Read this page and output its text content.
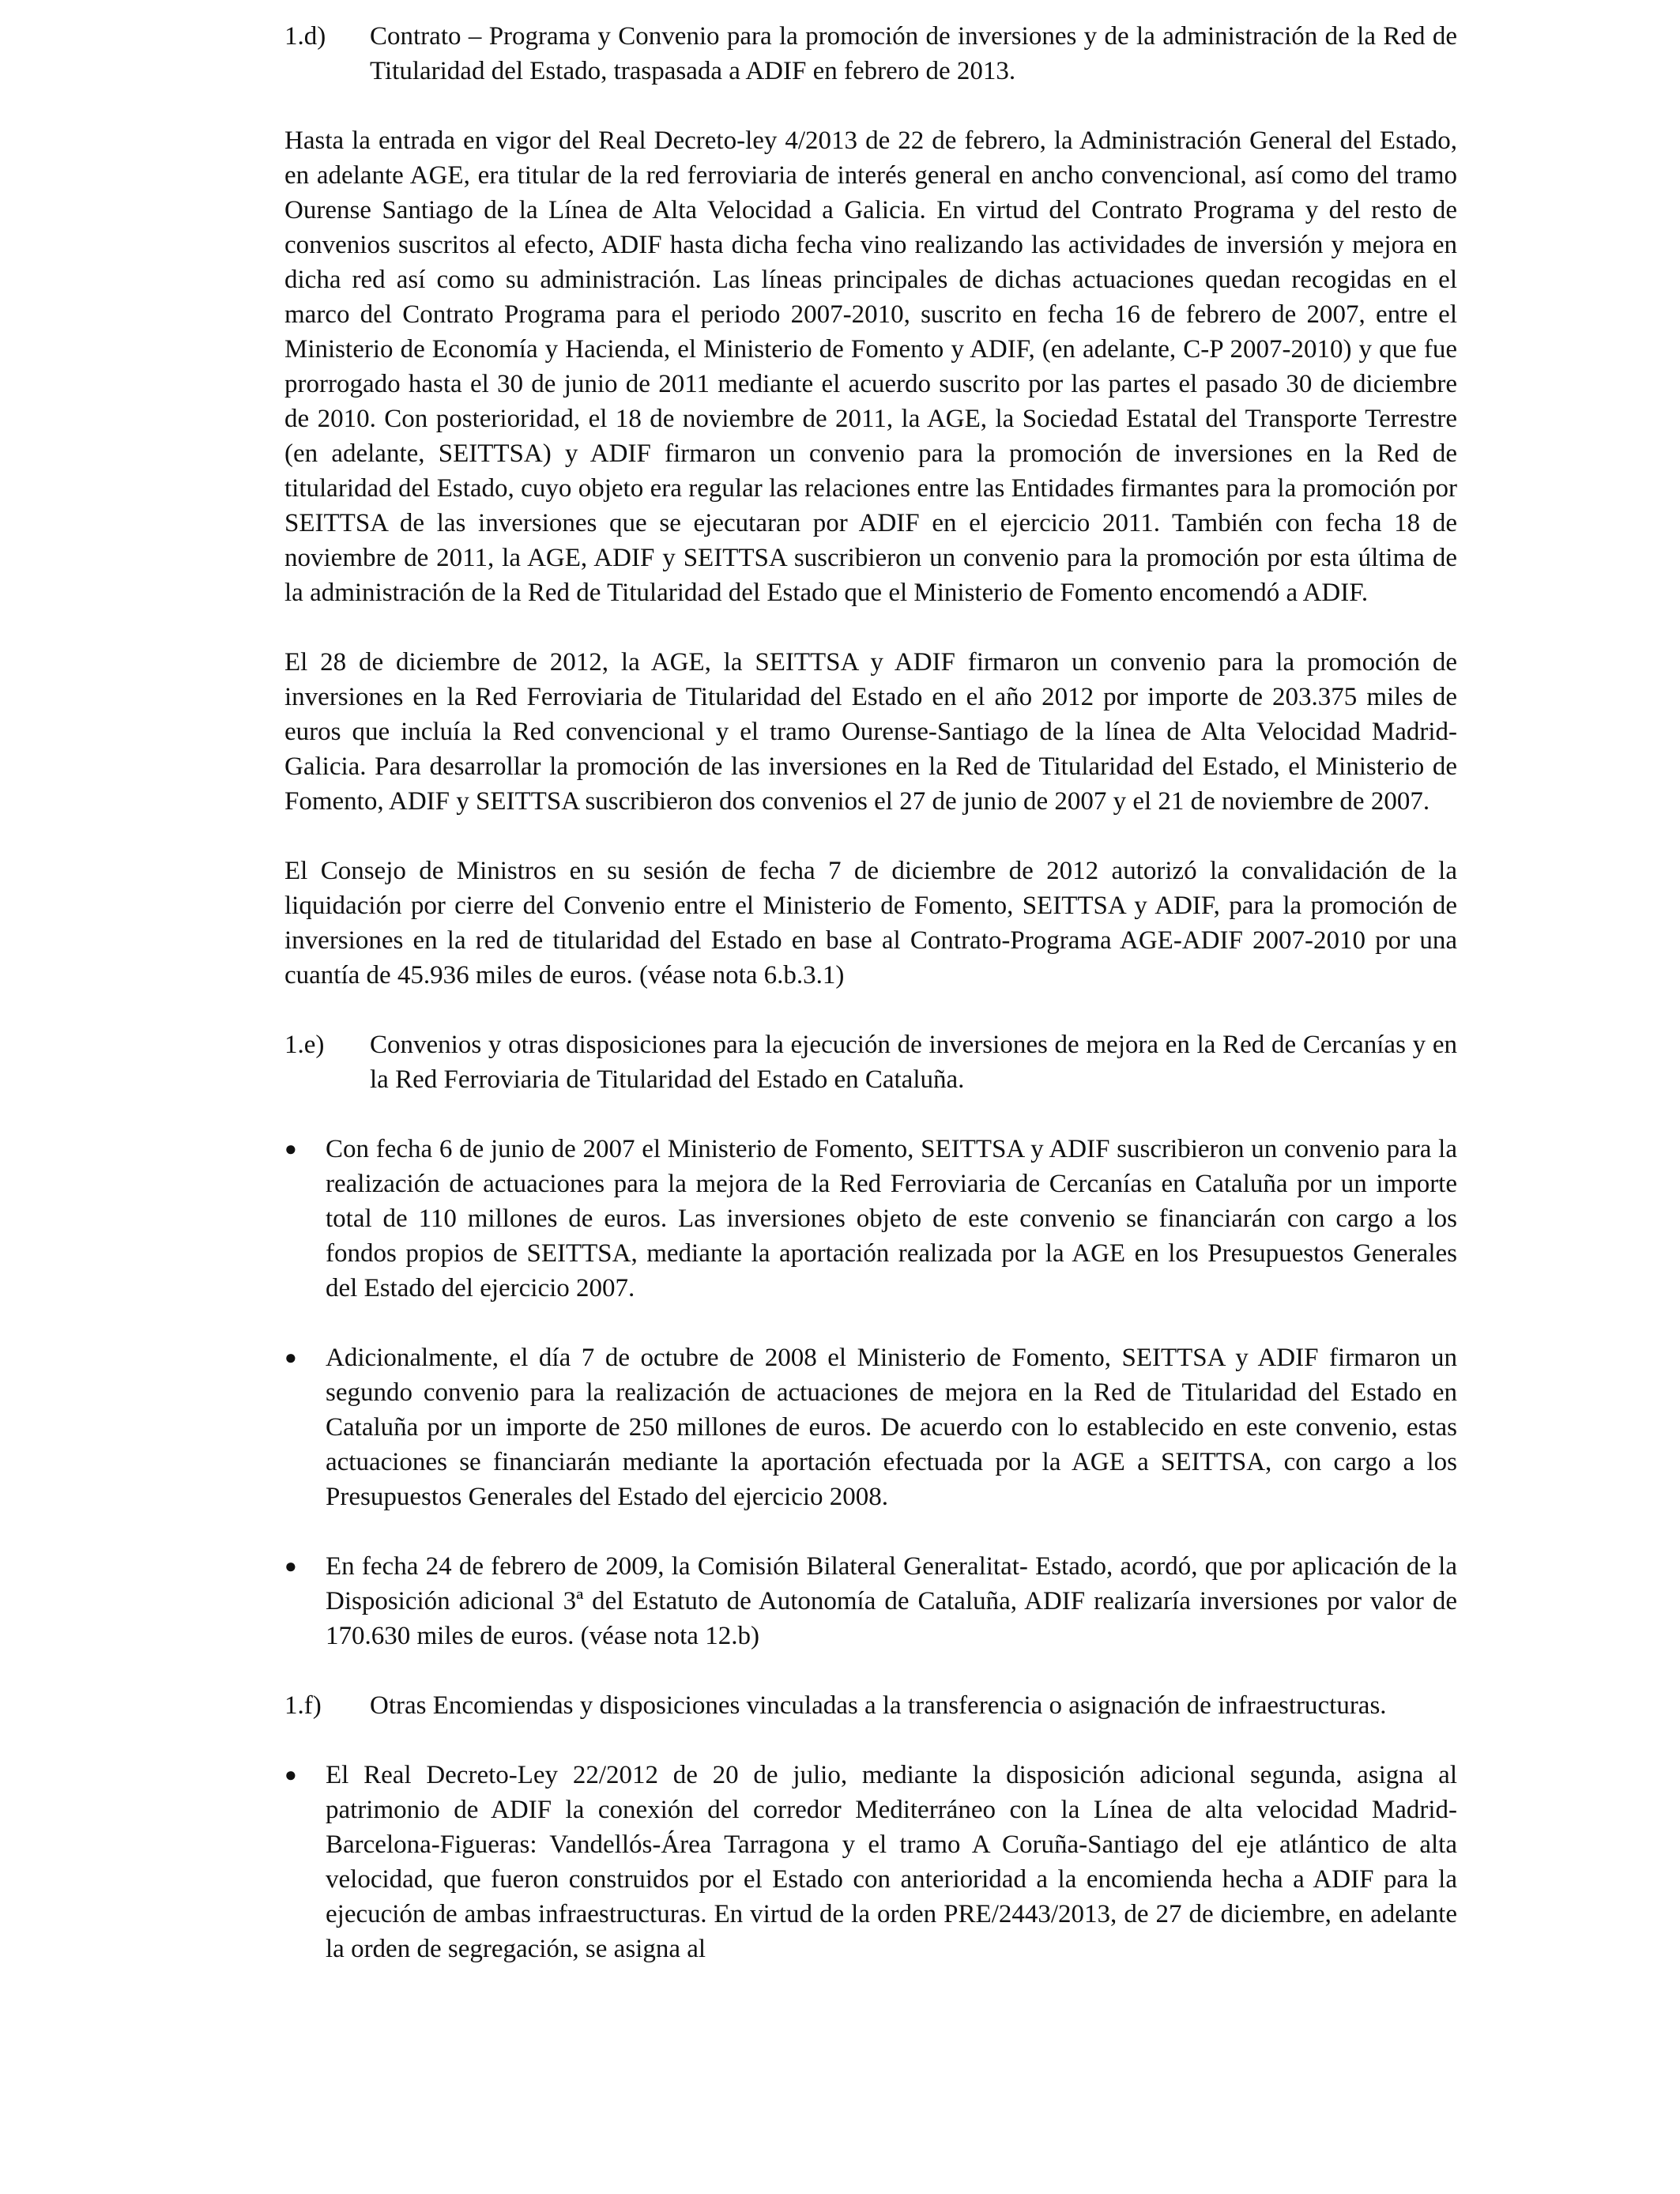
1.d)	Contrato – Programa y Convenio para la promoción de inversiones y de la administración de la Red de Titularidad del Estado, traspasada a ADIF en febrero de 2013.

Hasta la entrada en vigor del Real Decreto-ley 4/2013 de 22 de febrero, la Administración General del Estado, en adelante AGE, era titular de la red ferroviaria de interés general en ancho convencional, así como del tramo Ourense Santiago de la Línea de Alta Velocidad a Galicia. En virtud del Contrato Programa y del resto de convenios suscritos al efecto, ADIF hasta dicha fecha vino realizando las actividades de inversión y mejora en dicha red así como su administración. Las líneas principales de dichas actuaciones quedan recogidas en el marco del Contrato Programa para el periodo 2007-2010, suscrito en fecha 16 de febrero de 2007, entre el Ministerio de Economía y Hacienda, el Ministerio de Fomento y ADIF, (en adelante, C-P 2007-2010) y que fue prorrogado hasta el 30 de junio de 2011 mediante el acuerdo suscrito por las partes el pasado 30 de diciembre de 2010. Con posterioridad, el 18 de noviembre de 2011, la AGE, la Sociedad Estatal del Transporte Terrestre (en adelante, SEITTSA) y ADIF firmaron un convenio para la promoción de inversiones en la Red de titularidad del Estado, cuyo objeto era regular las relaciones entre las Entidades firmantes para la promoción por SEITTSA de las inversiones que se ejecutaran por ADIF en el ejercicio 2011. También con fecha 18 de noviembre de 2011, la AGE, ADIF y SEITTSA suscribieron un convenio para la promoción por esta última de la administración de la Red de Titularidad del Estado que el Ministerio de Fomento encomendó a ADIF.

El 28 de diciembre de 2012, la AGE, la SEITTSA y ADIF firmaron un convenio para la promoción de inversiones en la Red Ferroviaria de Titularidad del Estado en el año 2012 por importe de 203.375 miles de euros que incluía la Red convencional y el tramo Ourense-Santiago de la línea de Alta Velocidad Madrid-Galicia. Para desarrollar la promoción de las inversiones en la Red de Titularidad del Estado, el Ministerio de Fomento, ADIF y SEITTSA suscribieron dos convenios el 27 de junio de 2007 y el 21 de noviembre de 2007.

El Consejo de Ministros en su sesión de fecha 7 de diciembre de 2012 autorizó la convalidación de la liquidación por cierre del Convenio entre el Ministerio de Fomento, SEITTSA y ADIF, para la promoción de inversiones en la red de titularidad del Estado en base al Contrato-Programa AGE-ADIF 2007-2010 por una cuantía de 45.936 miles de euros. (véase nota 6.b.3.1)

1.e)	Convenios y otras disposiciones para la ejecución de inversiones de mejora en la Red de Cercanías y en la Red Ferroviaria de Titularidad del Estado en Cataluña.
●	Con fecha 6 de junio de 2007 el Ministerio de Fomento, SEITTSA y ADIF suscribieron un convenio para la realización de actuaciones para la mejora de la Red Ferroviaria de Cercanías en Cataluña por un importe total de 110 millones de euros. Las inversiones objeto de este convenio se financiarán con cargo a los fondos propios de SEITTSA, mediante la aportación realizada por la AGE en los Presupuestos Generales del Estado del ejercicio 2007.
●	Adicionalmente, el día 7 de octubre de 2008 el Ministerio de Fomento, SEITTSA y ADIF firmaron un segundo convenio para la realización de actuaciones de mejora en la Red de Titularidad del Estado en Cataluña por un importe de 250 millones de euros. De acuerdo con lo establecido en este convenio, estas actuaciones se financiarán mediante la aportación efectuada por la AGE a SEITTSA, con cargo a los Presupuestos Generales del Estado del ejercicio 2008.
●	En fecha 24 de febrero de 2009, la Comisión Bilateral Generalitat- Estado, acordó, que por aplicación de la Disposición adicional 3ª del Estatuto de Autonomía de Cataluña, ADIF realizaría inversiones por valor de 170.630 miles de euros. (véase nota 12.b)
1.f)	Otras Encomiendas y disposiciones vinculadas a la transferencia o asignación de infraestructuras.
●	El Real Decreto-Ley 22/2012 de 20 de julio, mediante la disposición adicional segunda, asigna al patrimonio de ADIF la conexión del corredor Mediterráneo con la Línea de alta velocidad Madrid-Barcelona-Figueras: Vandellós-Área Tarragona y el tramo A Coruña-Santiago del eje atlántico de alta velocidad, que fueron construidos por el Estado con anterioridad a la encomienda hecha a ADIF para la ejecución de ambas infraestructuras. En virtud de la orden PRE/2443/2013, de 27 de diciembre, en adelante la orden de segregación, se asigna al
